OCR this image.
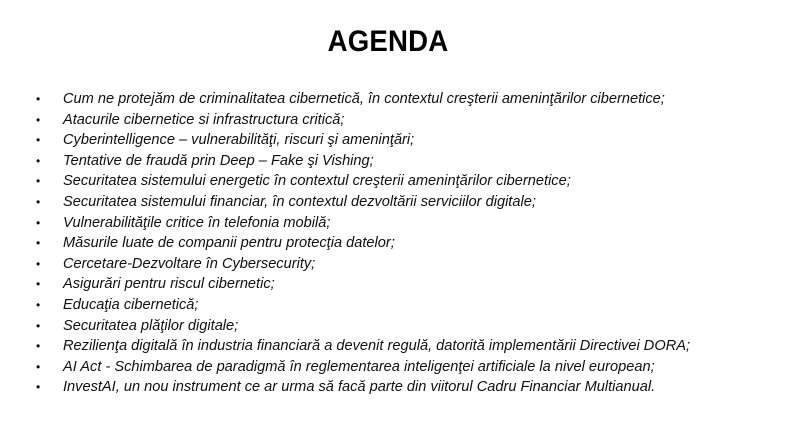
AGENDA
• Cum ne protejăm de criminalitatea cibernetică, în contextul creşterii ameninţărilor cibernetice;
• Atacurile cibernetice si infrastructura critică;
• Cyberintelligence – vulnerabilităţi, riscuri şi ameninţări;
• Tentative de fraudă prin Deep – Fake şi Vishing;
• Securitatea sistemului energetic în contextul creşterii ameninţărilor cibernetice;
• Securitatea sistemului financiar, în contextul dezvoltării serviciilor digitale;
• Vulnerabilităţile critice în telefonia mobilă;
• Măsurile luate de companii pentru protecţia datelor;
• Cercetare-Dezvoltare în Cybersecurity;
• Asigurări pentru riscul cibernetic;
• Educaţia cibernetică;
• Securitatea plăţilor digitale;
• Rezilienţa digitală în industria financiară a devenit regulă, datorită implementării Directivei DORA;
• AI Act - Schimbarea de paradigmă în reglementarea inteligenţei artificiale la nivel european;
• InvestAI, un nou instrument ce ar urma să facă parte din viitorul Cadru Financiar Multianual.
